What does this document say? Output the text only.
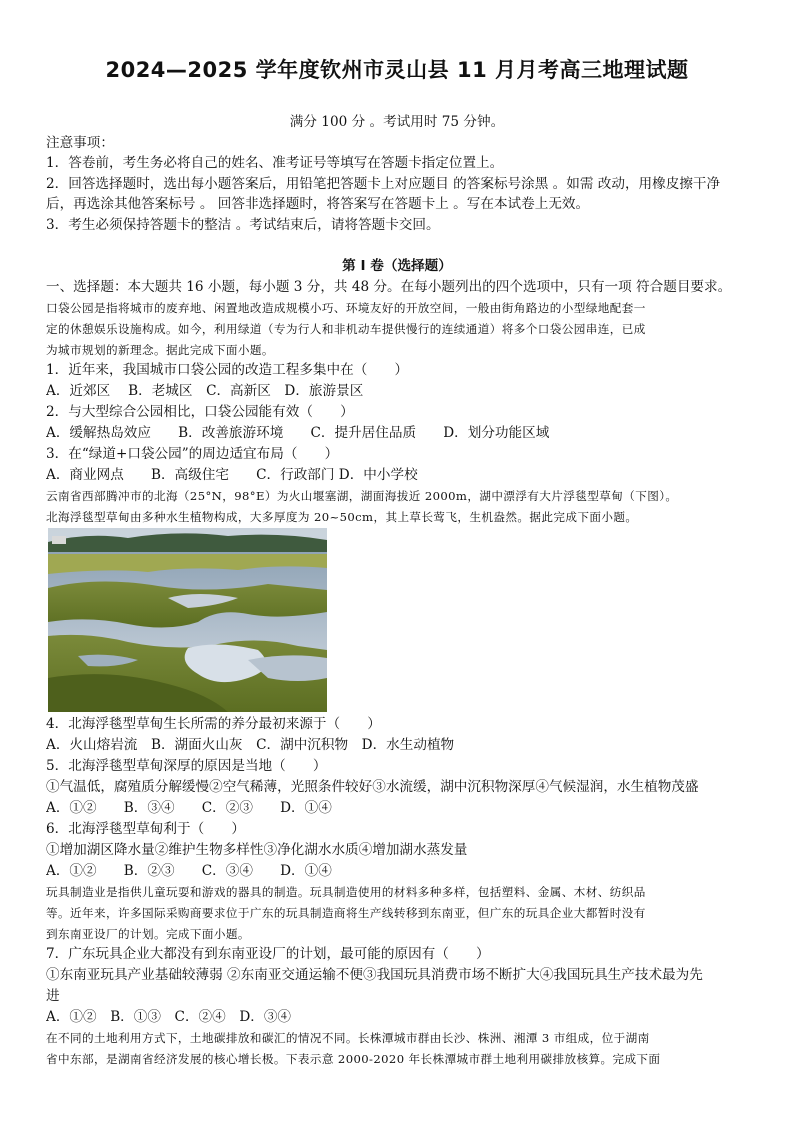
2024—2025 学年度钦州市灵山县 11 月月考高三地理试题
满分 100 分 。考试用时 75 分钟。
注意事项：
1．答卷前，考生务必将自己的姓名、准考证号等填写在答题卡指定位置上。
2．回答选择题时，选出每小题答案后，用铅笔把答题卡上对应题目 的答案标号涂黑 。如需 改动，用橡皮擦干净
后，再选涂其他答案标号 。 回答非选择题时，将答案写在答题卡上 。写在本试卷上无效。
3．考生必须保持答题卡的整洁 。考试结束后，请将答题卡交回。
第 I 卷（选择题）
一、选择题：本大题共 16 小题，每小题 3 分，共 48 分。在每小题列出的四个选项中，只有一项 符合题目要求。
口袋公园是指将城市的废弃地、闲置地改造成规模小巧、环境友好的开放空间，一般由街角路边的小型绿地配套一
定的休憩娱乐设施构成。如今，利用绿道（专为行人和非机动车提供慢行的连续通道）将多个口袋公园串连，已成
为城市规划的新理念。据此完成下面小题。
1．近年来，我国城市口袋公园的改造工程多集中在（　　）
A．近郊区　 B．老城区　C．高新区　D．旅游景区
2．与大型综合公园相比，口袋公园能有效（　　）
A．缓解热岛效应　　B．改善旅游环境　　C．提升居住品质　　D．划分功能区域
3．在“绿道+口袋公园”的周边适宜布局（　　）
A．商业网点　　B．高级住宅　　C．行政部门 D．中小学校
云南省西部腾冲市的北海（25°N，98°E）为火山堰塞湖，湖面海拔近 2000m，湖中漂浮有大片浮毯型草甸（下图）。
北海浮毯型草甸由多种水生植物构成，大多厚度为 20~50cm，其上草长莺飞，生机盎然。据此完成下面小题。
4．北海浮毯型草甸生长所需的养分最初来源于（　　）
A．火山熔岩流　B．湖面火山灰　C．湖中沉积物　D．水生动植物
5．北海浮毯型草甸深厚的原因是当地（　　）
①气温低，腐殖质分解缓慢②空气稀薄，光照条件较好③水流缓，湖中沉积物深厚④气候湿润，水生植物茂盛
A．①②　　B．③④　　C．②③　　D．①④
6．北海浮毯型草甸利于（　　）
①增加湖区降水量②维护生物多样性③净化湖水水质④增加湖水蒸发量
A．①②　　B．②③　　C．③④　　D．①④
玩具制造业是指供儿童玩耍和游戏的器具的制造。玩具制造使用的材料多种多样，包括塑料、金属、木材、纺织品
等。近年来，许多国际采购商要求位于广东的玩具制造商将生产线转移到东南亚，但广东的玩具企业大都暂时没有
到东南亚设厂的计划。完成下面小题。
7．广东玩具企业大都没有到东南亚设厂的计划，最可能的原因有（　　）
①东南亚玩具产业基础较薄弱 ②东南亚交通运输不便③我国玩具消费市场不断扩大④我国玩具生产技术最为先
进
A．①②　B．①③　C．②④　D．③④
在不同的土地利用方式下，土地碳排放和碳汇的情况不同。长株潭城市群由长沙、株洲、湘潭 3 市组成，位于湖南
省中东部，是湖南省经济发展的核心增长极。下表示意 2000-2020 年长株潭城市群土地利用碳排放核算。完成下面
